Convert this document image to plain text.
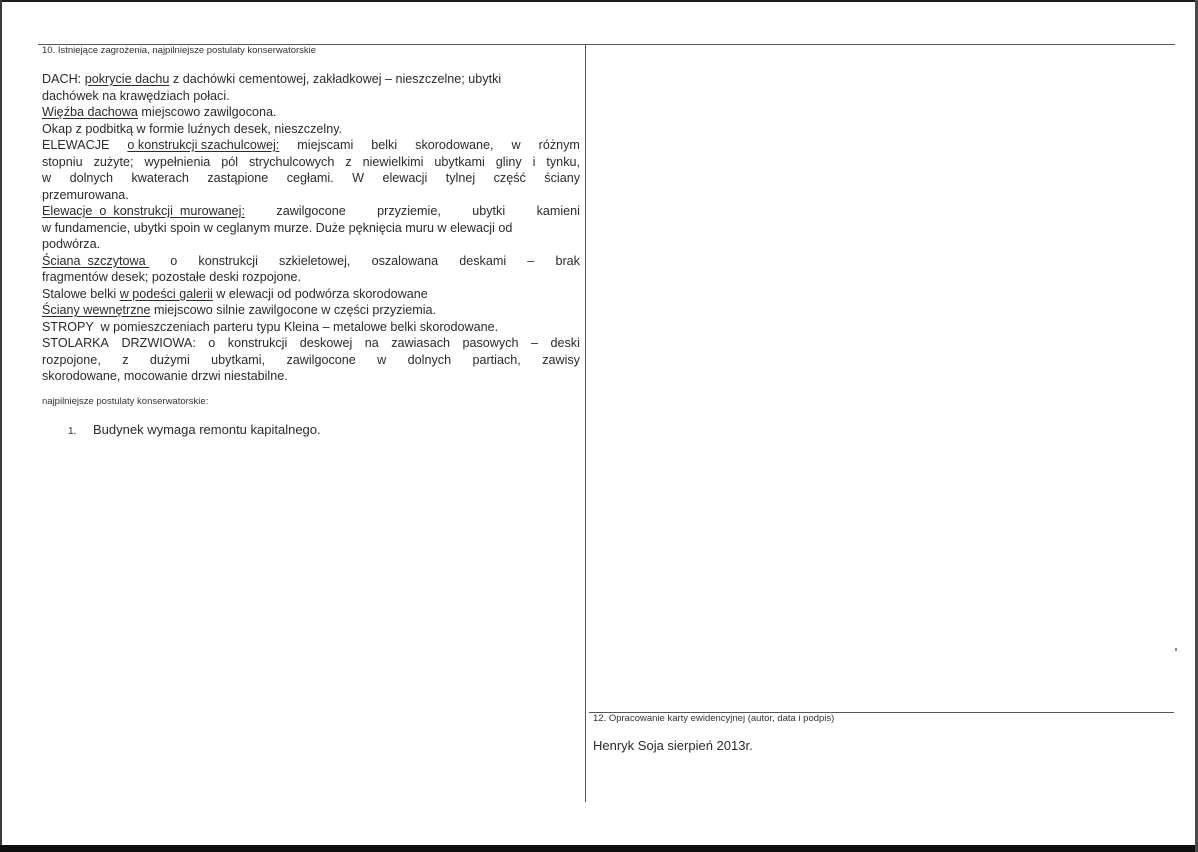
10. Istniejące zagrożenia, najpilniejsze postulaty konserwatorskie
DACH: pokrycie dachu z dachówki cementowej, zakładkowej – nieszczelne; ubytki
dachówek na krawędziach połaci.
Więźba dachowa miejscowo zawilgocona.
Okap z podbitką w formie luźnych desek, nieszczelny.
ELEWACJE o konstrukcji szachulcowej: miejscami belki skorodowane, w różnym
stopniu zużyte; wypełnienia pól strychulcowych z niewielkimi ubytkami gliny i tynku,
w dolnych kwaterach zastąpione cegłami. W elewacji tylnej część ściany
przemurowana.
Elewacje  o  konstrukcji  murowanej: zawilgocone przyziemie, ubytki kamieni
w fundamencie, ubytki spoin w ceglanym murze. Duże pęknięcia muru w elewacji od
podwórza.
Ściana  szczytowa o konstrukcji szkieletowej, oszalowana deskami – brak
fragmentów desek; pozostałe deski rozpojone.
Stalowe belki w podeści galerii w elewacji od podwórza skorodowane
Ściany wewnętrzne miejscowo silnie zawilgocone w części przyziemia.
STROPY  w pomieszczeniach parteru typu Kleina – metalowe belki skorodowane.
STOLARKA DRZWIOWA: o konstrukcji deskowej na zawiasach pasowych – deski
rozpojone, z dużymi ubytkami, zawilgocone w dolnych partiach, zawisy
skorodowane, mocowanie drzwi niestabilne.
najpilniejsze postulaty konserwatorskie:
1. Budynek wymaga remontu kapitalnego.
12. Opracowanie karty ewidencyjnej (autor, data i podpis)
Henryk Soja sierpień 2013r.
